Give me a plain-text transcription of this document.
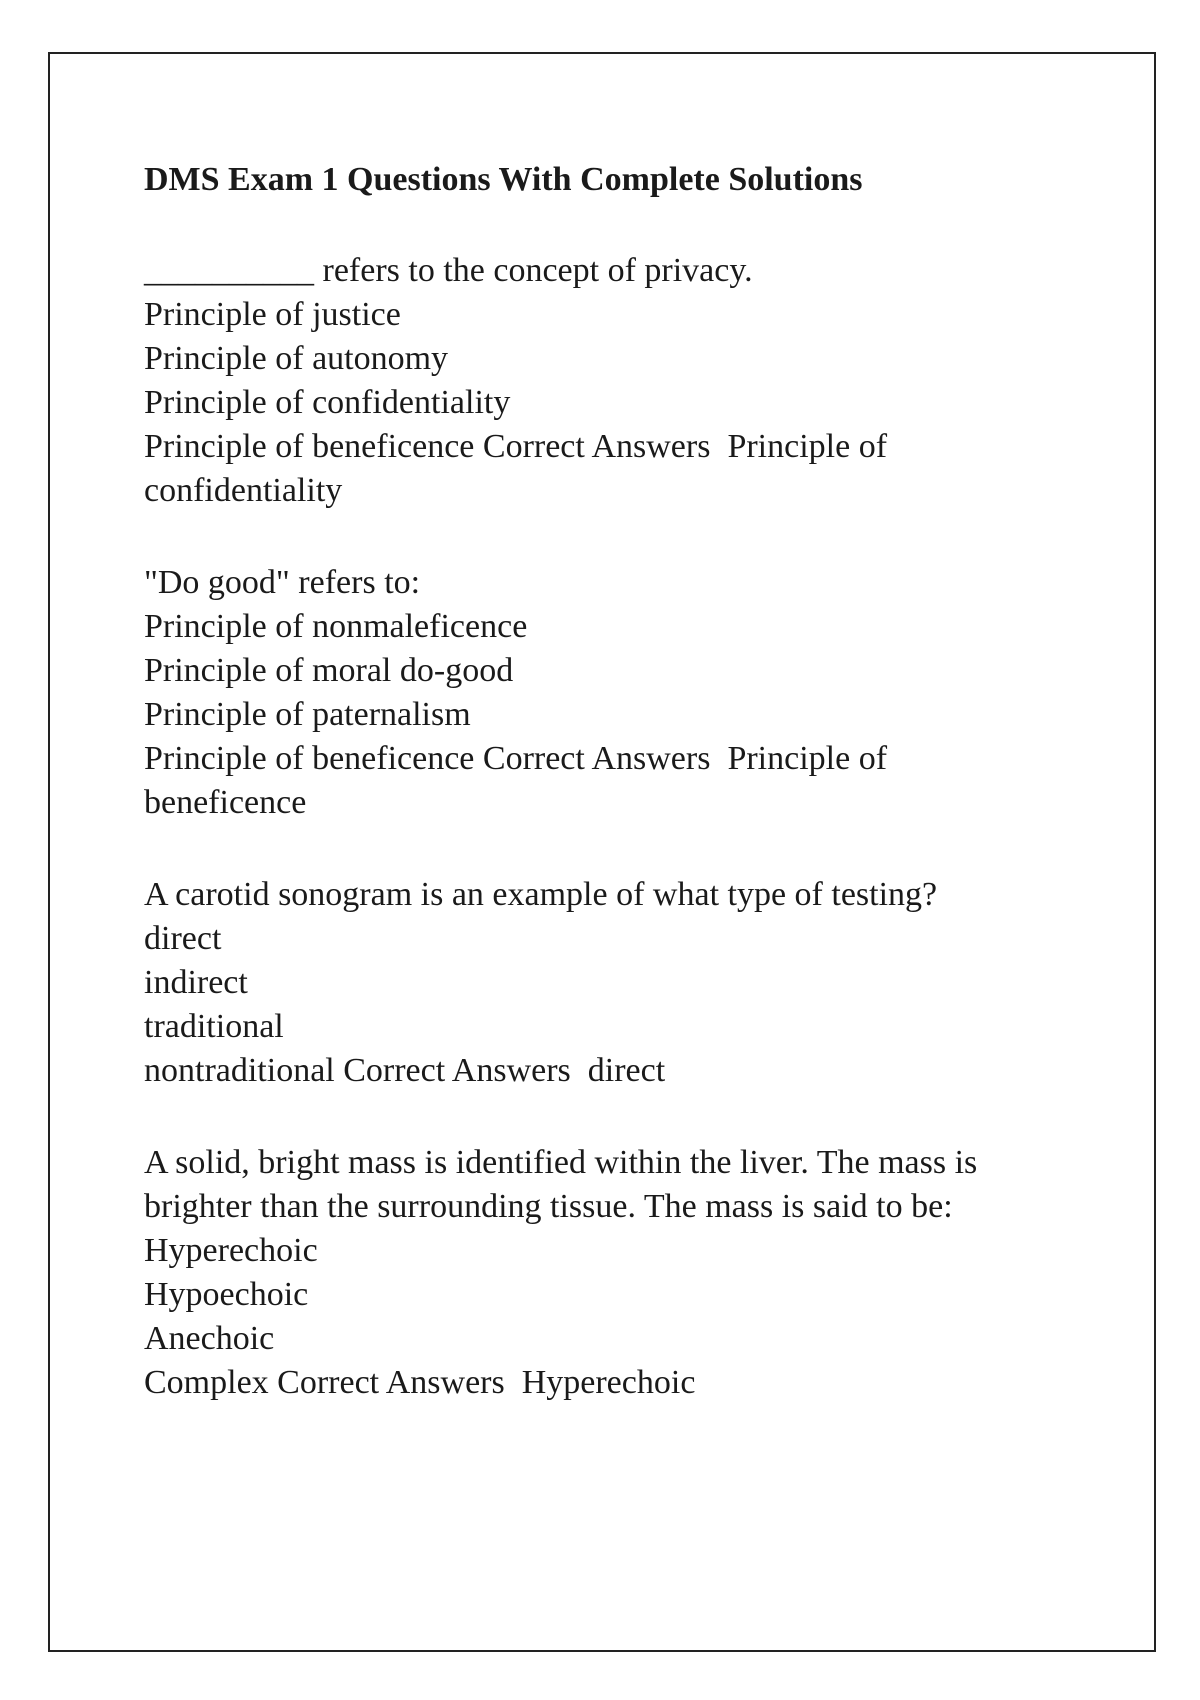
DMS Exam 1 Questions With Complete Solutions

__________ refers to the concept of privacy.

Principle of justice

Principle of autonomy

Principle of confidentiality

Principle of beneficence Correct Answers  Principle of

confidentiality

"Do good" refers to:

Principle of nonmaleficence

Principle of moral do-good

Principle of paternalism

Principle of beneficence Correct Answers  Principle of

beneficence

A carotid sonogram is an example of what type of testing?

direct

indirect

traditional

nontraditional Correct Answers  direct

A solid, bright mass is identified within the liver. The mass is

brighter than the surrounding tissue. The mass is said to be:

Hyperechoic

Hypoechoic

Anechoic

Complex Correct Answers  Hyperechoic
